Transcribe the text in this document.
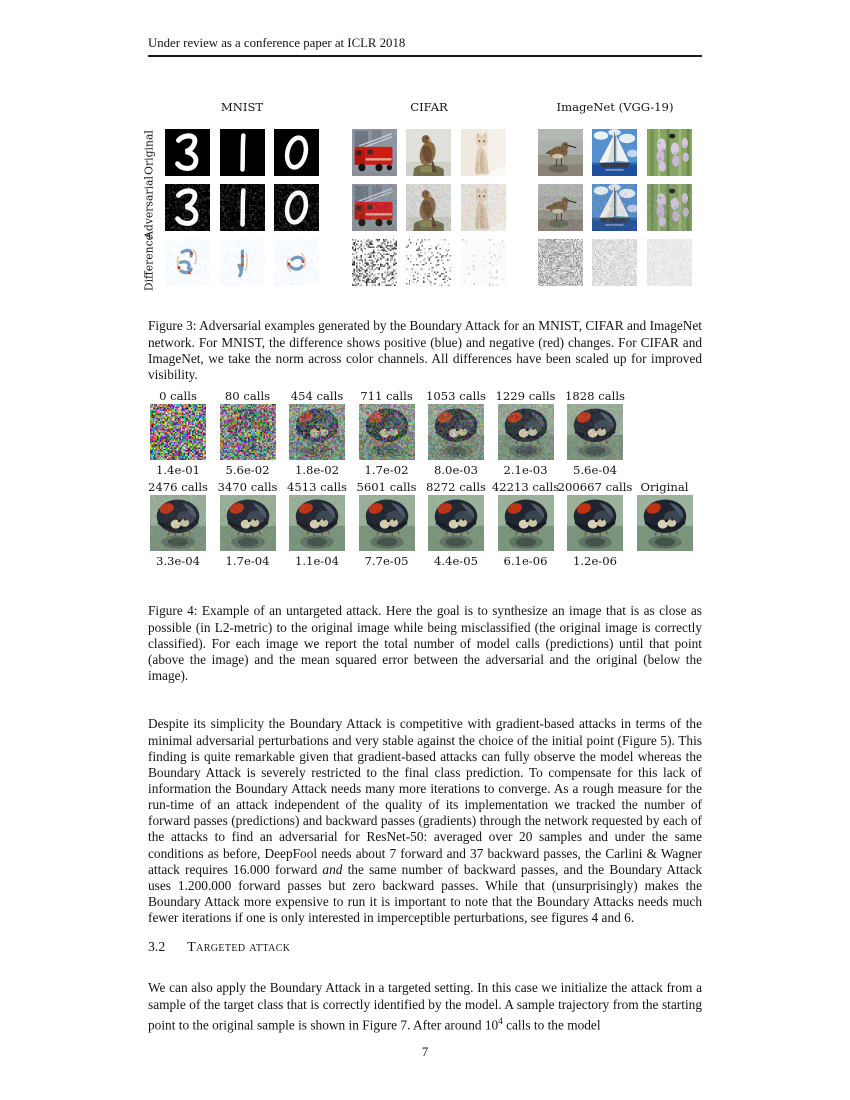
Under review as a conference paper at ICLR 2018
MNIST	CIFAR	ImageNet (VGG-19)
Original
Adversarial
Difference

Figure 3: Adversarial examples generated by the Boundary Attack for an MNIST, CIFAR and ImageNet network. For MNIST, the difference shows positive (blue) and negative (red) changes. For CIFAR and ImageNet, we take the norm across color channels. All differences have been scaled up for improved visibility.

0 calls
1.4e-01
80 calls
5.6e-02
454 calls
1.8e-02
711 calls
1.7e-02
1053 calls
8.0e-03
1229 calls
2.1e-03
1828 calls
5.6e-04
2476 calls
3.3e-04
3470 calls
1.7e-04
4513 calls
1.1e-04
5601 calls
7.7e-05
8272 calls
4.4e-05
42213 calls
6.1e-06
200667 calls
1.2e-06
Original

Figure 4: Example of an untargeted attack. Here the goal is to synthesize an image that is as close as possible (in L2-metric) to the original image while being misclassified (the original image is correctly classified). For each image we report the total number of model calls (predictions) until that point (above the image) and the mean squared error between the adversarial and the original (below the image).

Despite its simplicity the Boundary Attack is competitive with gradient-based attacks in terms of the minimal adversarial perturbations and very stable against the choice of the initial point (Figure 5). This finding is quite remarkable given that gradient-based attacks can fully observe the model whereas the Boundary Attack is severely restricted to the final class prediction. To compensate for this lack of information the Boundary Attack needs many more iterations to converge. As a rough measure for the run-time of an attack independent of the quality of its implementation we tracked the number of forward passes (predictions) and backward passes (gradients) through the network requested by each of the attacks to find an adversarial for ResNet-50: averaged over 20 samples and under the same conditions as before, DeepFool needs about 7 forward and 37 backward passes, the Carlini & Wagner attack requires 16.000 forward and the same number of backward passes, and the Boundary Attack uses 1.200.000 forward passes but zero backward passes. While that (unsurprisingly) makes the Boundary Attack more expensive to run it is important to note that the Boundary Attacks needs much fewer iterations if one is only interested in imperceptible perturbations, see figures 4 and 6.

3.2 Targeted attack

We can also apply the Boundary Attack in a targeted setting. In this case we initialize the attack from a sample of the target class that is correctly identified by the model. A sample trajectory from the starting point to the original sample is shown in Figure 7. After around $10^4$ calls to the model

7
